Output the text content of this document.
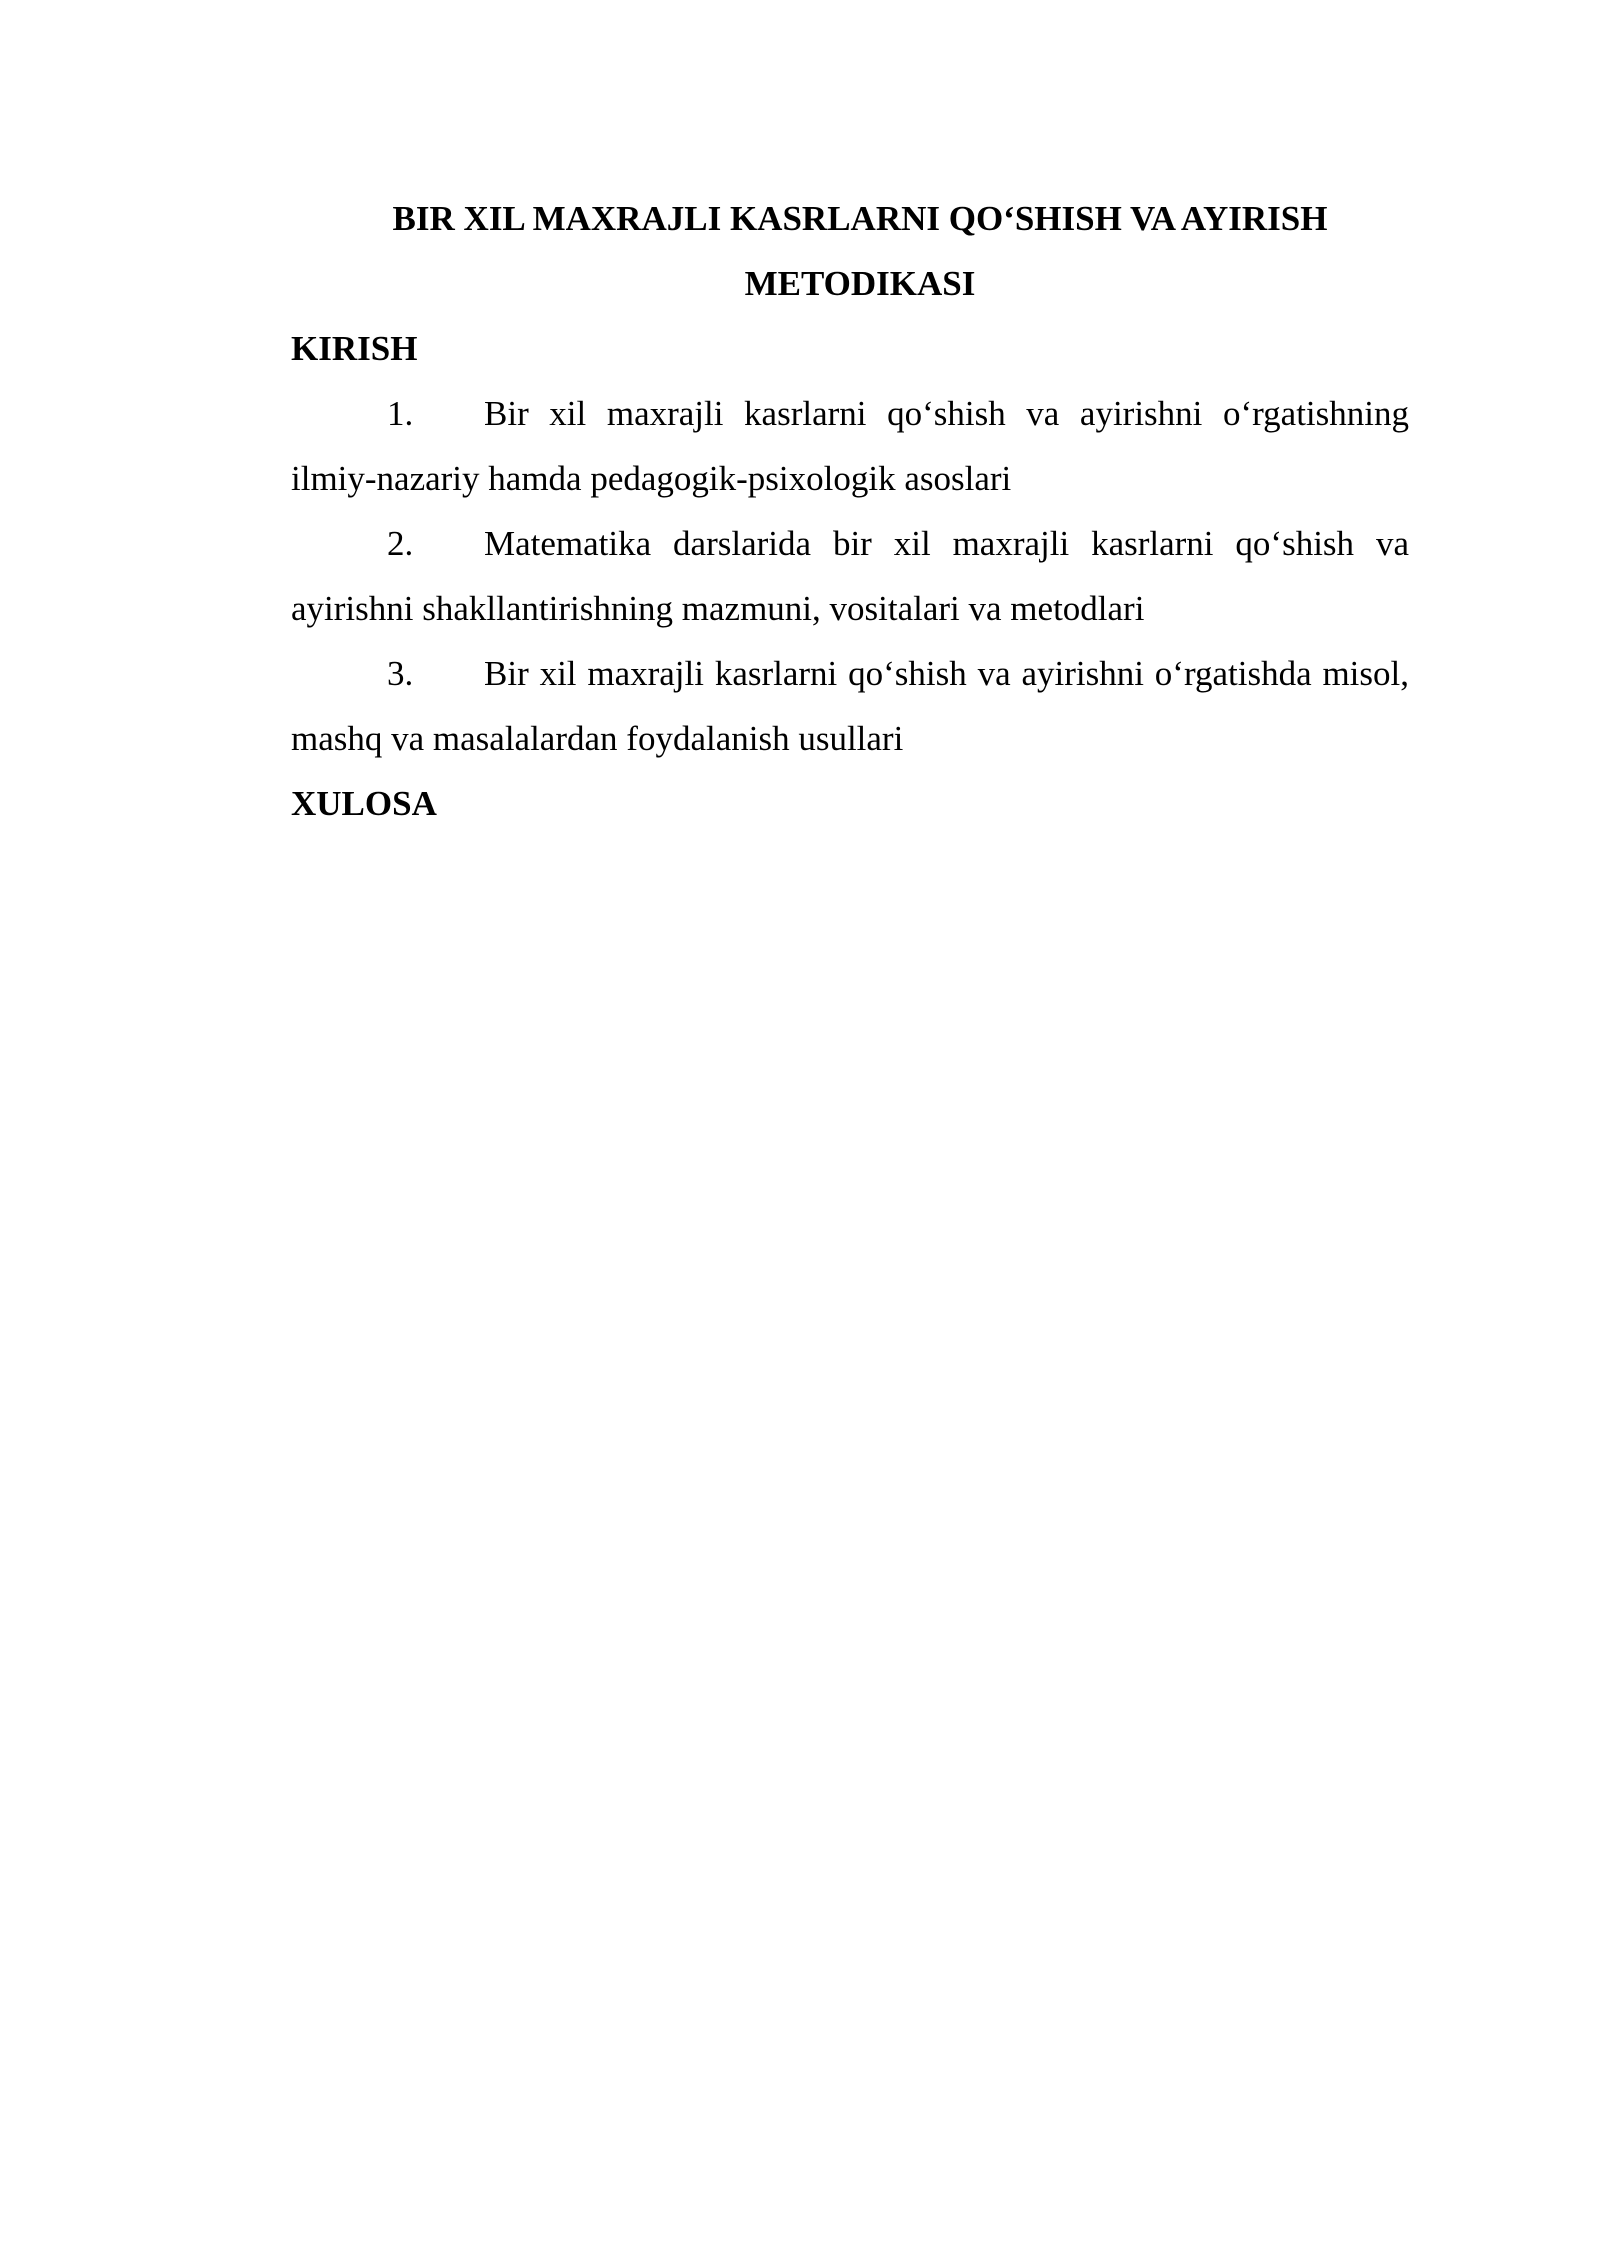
BIR XIL MAXRAJLI KASRLARNI QO‘SHISH VA AYIRISH
METODIKASI
KIRISH

1. Bir xil maxrajli kasrlarni qo‘shish va ayirishni o‘rgatishning ilmiy-nazariy hamda pedagogik-psixologik asoslari

2. Matematika darslarida bir xil maxrajli kasrlarni qo‘shish va ayirishni shakllantirishning mazmuni, vositalari va metodlari

3. Bir xil maxrajli kasrlarni qo‘shish va ayirishni o‘rgatishda misol, mashq va masalalardan foydalanish usullari

XULOSA
